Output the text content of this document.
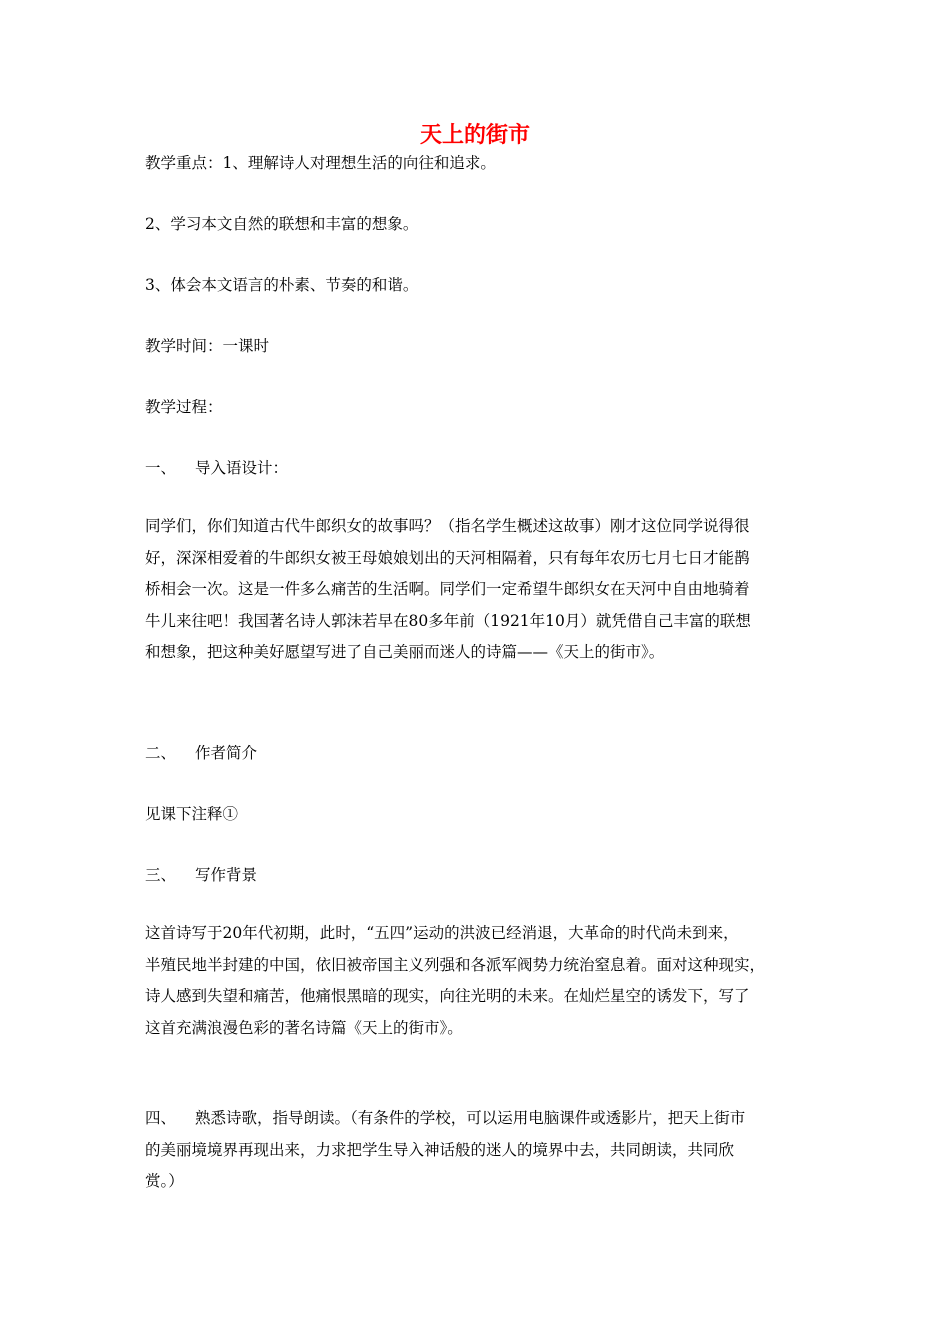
天上的街市
教学重点：1、理解诗人对理想生活的向往和追求。
2、学习本文自然的联想和丰富的想象。
3、体会本文语言的朴素、节奏的和谐。
教学时间：一课时
教学过程：
一、 导入语设计：
同学们，你们知道古代牛郎织女的故事吗？（指名学生概述这故事）刚才这位同学说得很
好，深深相爱着的牛郎织女被王母娘娘划出的天河相隔着，只有每年农历七月七日才能鹊
桥相会一次。这是一件多么痛苦的生活啊。同学们一定希望牛郎织女在天河中自由地骑着
牛儿来往吧！我国著名诗人郭沫若早在80多年前（1921年10月）就凭借自己丰富的联想
和想象，把这种美好愿望写进了自己美丽而迷人的诗篇——《天上的街市》。
二、 作者简介
见课下注释①
三、 写作背景
这首诗写于20年代初期，此时，“五四”运动的洪波已经消退，大革命的时代尚未到来，
半殖民地半封建的中国，依旧被帝国主义列强和各派军阀势力统治窒息着。面对这种现实，
诗人感到失望和痛苦，他痛恨黑暗的现实，向往光明的未来。在灿烂星空的诱发下，写了
这首充满浪漫色彩的著名诗篇《天上的街市》。
四、 熟悉诗歌，指导朗读。（有条件的学校，可以运用电脑课件或透影片，把天上街市
的美丽境境界再现出来，力求把学生导入神话般的迷人的境界中去，共同朗读，共同欣
赏。）
